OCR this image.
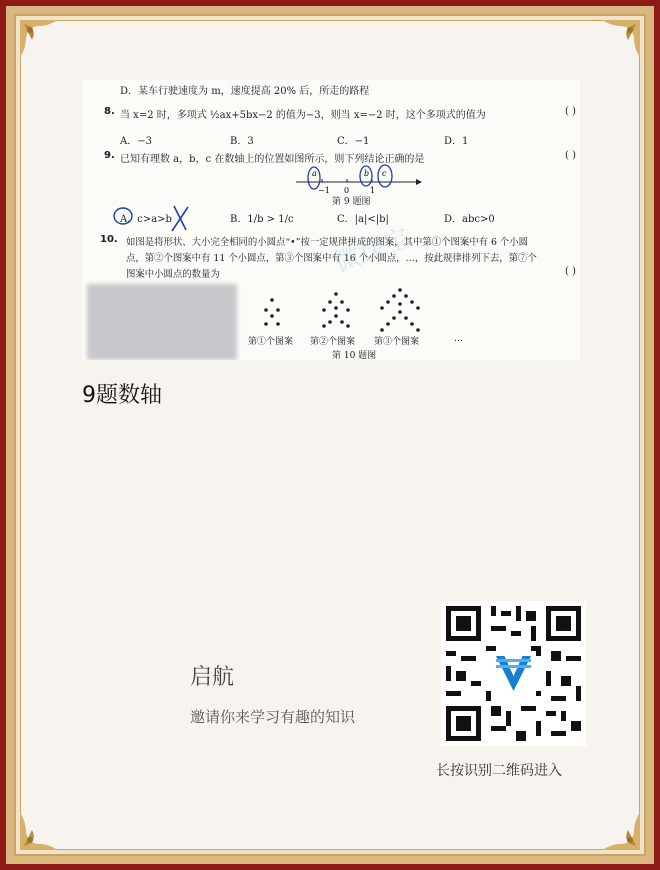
D．某车行驶速度为 m，速度提高 20% 后，所走的路程
8. 当 x=2 时，多项式 ½ax+5bx−2 的值为−3，则当 x=−2 时，这个多项式的值为	( )
A．−3	B．3	C．−1	D．1
9. 已知有理数 a，b，c 在数轴上的位置如图所示，则下列结论正确的是	( )
−1 0	1
a	b c
第 9 题图
A．c>a>b	B．1/b > 1/c	C．|a|<|b|	D．abc>0
10. 如图是将形状、大小完全相同的小圆点“•”按一定规律拼成的图案，其中第①个图案中有 6 个小圆
点，第②个图案中有 11 个小圆点，第③个图案中有 16 个小圆点，…，按此规律排列下去，第⑦个
图案中小圆点的数量为	( )
微课宝
第①个图案 第②个图案 第③个图案	…
第 10 题图
9题数轴
启航
邀请你来学习有趣的知识
长按识别二维码进入
